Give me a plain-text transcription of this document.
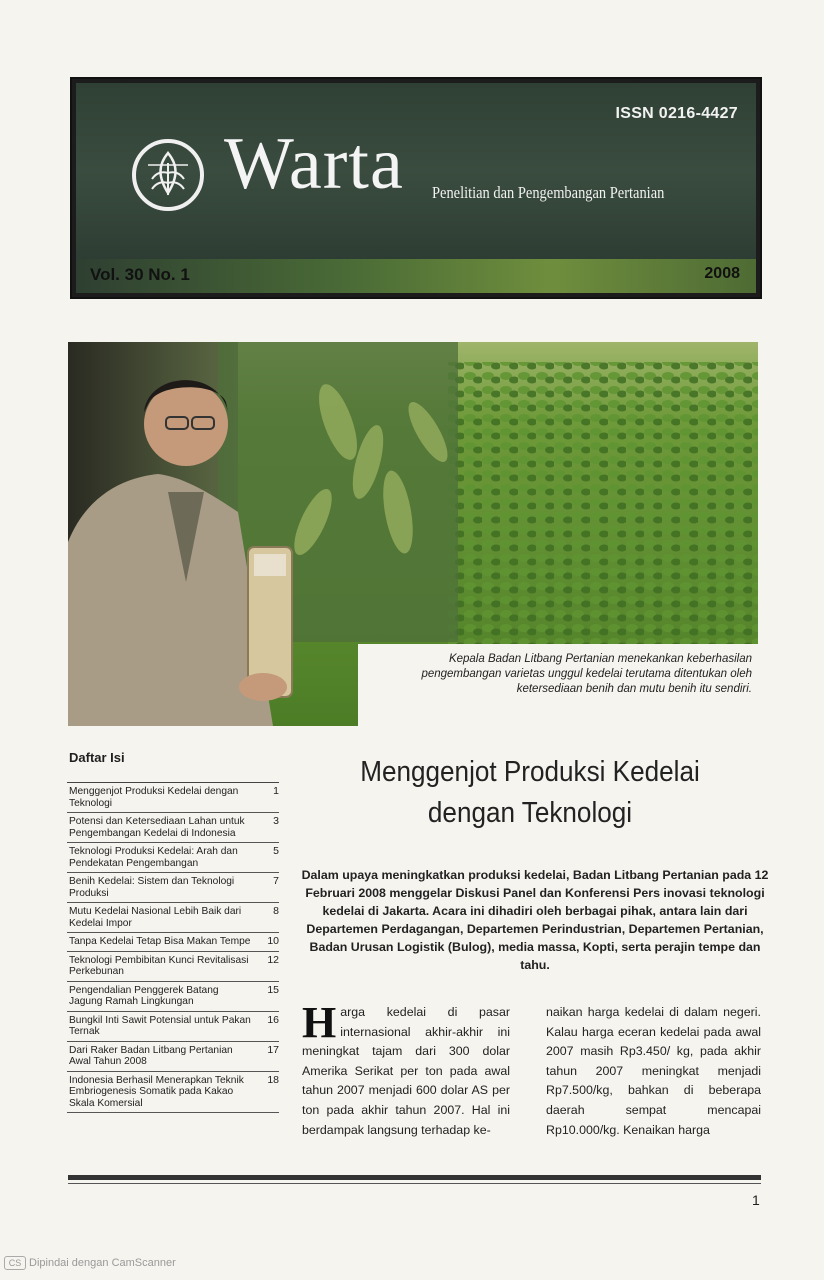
ISSN 0216-4427
Warta Penelitian dan Pengembangan Pertanian
Vol. 30 No. 1	2008
Kepala Badan Litbang Pertanian menekankan keberhasilan pengembangan varietas unggul kedelai terutama ditentukan oleh ketersediaan benih dan mutu benih itu sendiri.
Daftar Isi
Menggenjot Produksi Kedelai dengan Teknologi
1
Potensi dan Ketersediaan Lahan untuk Pengembangan Kedelai di Indonesia
3
Teknologi Produksi Kedelai: Arah dan Pendekatan Pengembangan
5
Benih Kedelai: Sistem dan Teknologi Produksi
7
Mutu Kedelai Nasional Lebih Baik dari Kedelai Impor
8
Tanpa Kedelai Tetap Bisa Makan Tempe 10
Teknologi Pembibitan Kunci Revitalisasi Perkebunan
12
Pengendalian Penggerek Batang Jagung Ramah Lingkungan
15
Bungkil Inti Sawit Potensial untuk Pakan Ternak
16
Dari Raker Badan Litbang Pertanian Awal Tahun 2008
17
Indonesia Berhasil Menerapkan Teknik Embriogenesis Somatik pada Kakao Skala Komersial
18
Menggenjot Produksi Kedelai dengan Teknologi
Dalam upaya meningkatkan produksi kedelai, Badan Litbang Pertanian pada 12 Februari 2008 menggelar Diskusi Panel dan Konferensi Pers inovasi teknologi kedelai di Jakarta. Acara ini dihadiri oleh berbagai pihak, antara lain dari Departemen Perdagangan, Departemen Perindustrian, Departemen Pertanian, Badan Urusan Logistik (Bulog), media massa, Kopti, serta perajin tempe dan tahu.
Harga kedelai di pasar internasional akhir-akhir ini meningkat tajam dari 300 dolar Amerika Serikat per ton pada awal tahun 2007 menjadi 600 dolar AS per ton pada akhir tahun 2007. Hal ini berdampak langsung terhadap ke-
naikan harga kedelai di dalam negeri. Kalau harga eceran kedelai pada awal 2007 masih Rp3.450/ kg, pada akhir tahun 2007 meningkat menjadi Rp7.500/kg, bahkan di beberapa daerah sempat mencapai Rp10.000/kg. Kenaikan harga
1
CS Dipindai dengan CamScanner
